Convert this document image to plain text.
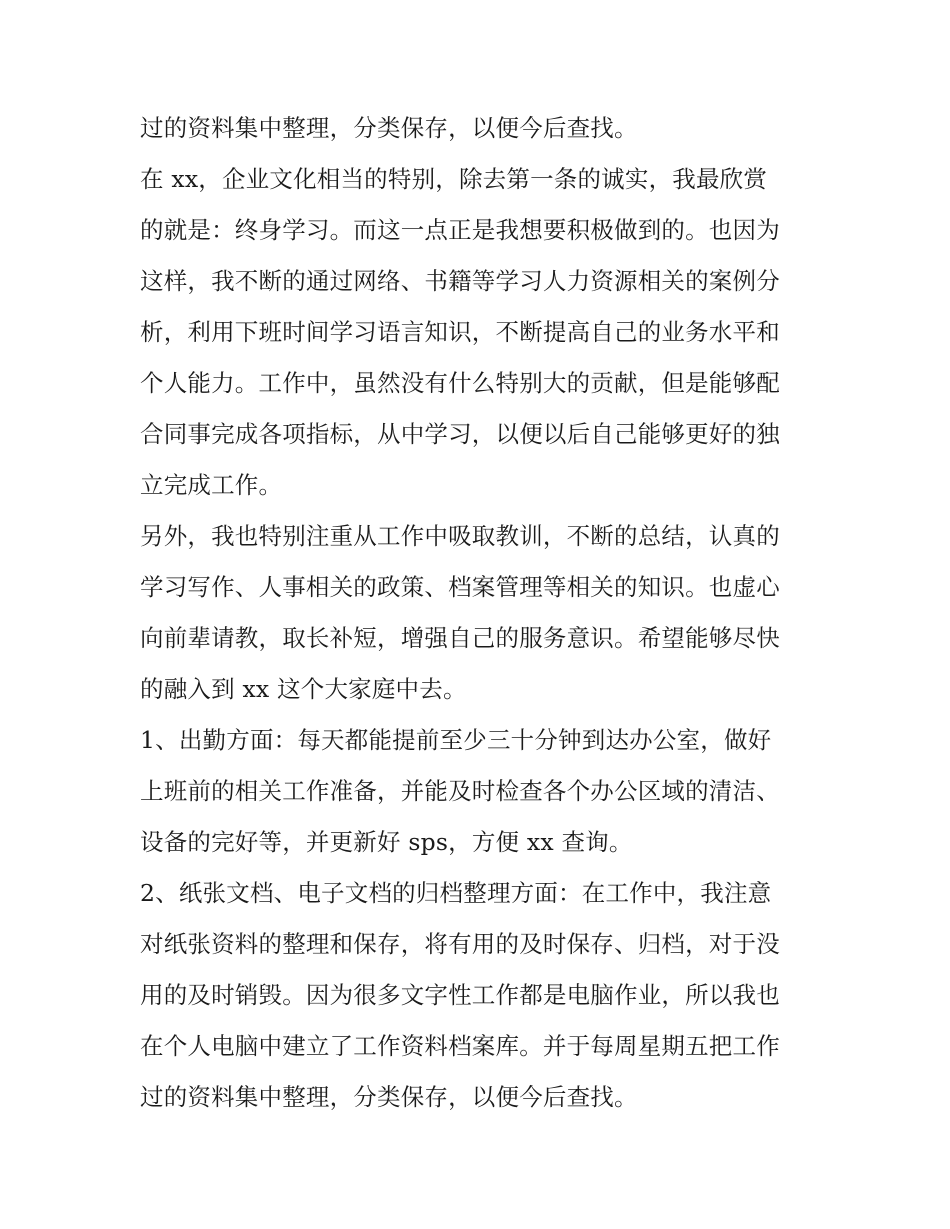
过的资料集中整理，分类保存，以便今后查找。
在 xx，企业文化相当的特别，除去第一条的诚实，我最欣赏
的就是：终身学习。而这一点正是我想要积极做到的。也因为
这样，我不断的通过网络、书籍等学习人力资源相关的案例分
析，利用下班时间学习语言知识，不断提高自己的业务水平和
个人能力。工作中，虽然没有什么特别大的贡献，但是能够配
合同事完成各项指标，从中学习，以便以后自己能够更好的独
立完成工作。
另外，我也特别注重从工作中吸取教训，不断的总结，认真的
学习写作、人事相关的政策、档案管理等相关的知识。也虚心
向前辈请教，取长补短，增强自己的服务意识。希望能够尽快
的融入到 xx 这个大家庭中去。
1、出勤方面：每天都能提前至少三十分钟到达办公室，做好
上班前的相关工作准备，并能及时检查各个办公区域的清洁、
设备的完好等，并更新好 sps，方便 xx 查询。
2、纸张文档、电子文档的归档整理方面：在工作中，我注意
对纸张资料的整理和保存，将有用的及时保存、归档，对于没
用的及时销毁。因为很多文字性工作都是电脑作业，所以我也
在个人电脑中建立了工作资料档案库。并于每周星期五把工作
过的资料集中整理，分类保存，以便今后查找。
